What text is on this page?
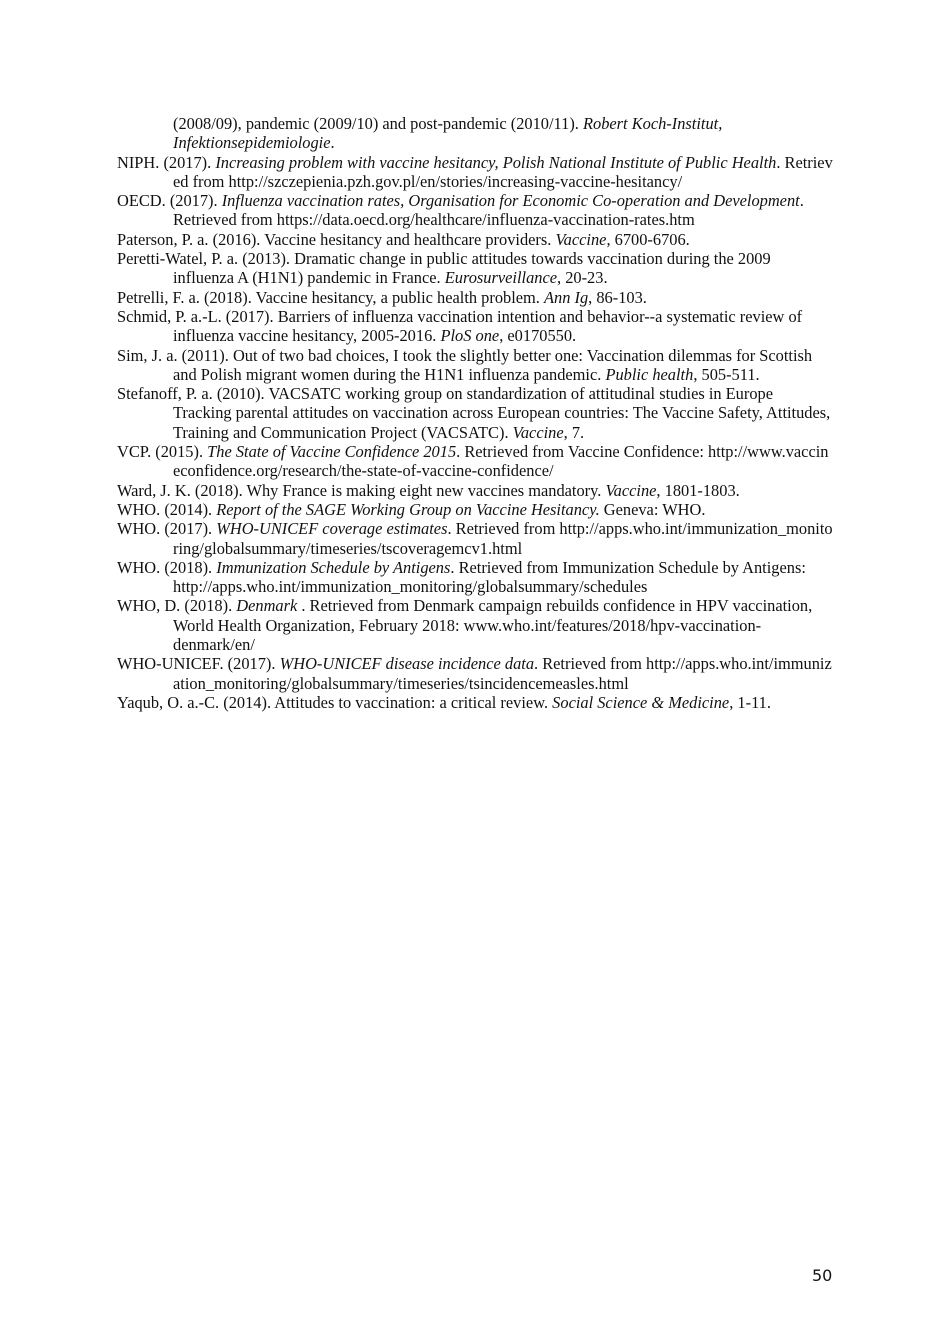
(2008/09), pandemic (2009/10) and post-pandemic (2010/11). Robert Koch-Institut, Infektionsepidemiologie.
NIPH. (2017). Increasing problem with vaccine hesitancy, Polish National Institute of Public Health. Retrieved from http://szczepienia.pzh.gov.pl/en/stories/increasing-vaccine-hesitancy/
OECD. (2017). Influenza vaccination rates, Organisation for Economic Co-operation and Development. Retrieved from https://data.oecd.org/healthcare/influenza-vaccination-rates.htm
Paterson, P. a. (2016). Vaccine hesitancy and healthcare providers. Vaccine, 6700-6706.
Peretti-Watel, P. a. (2013). Dramatic change in public attitudes towards vaccination during the 2009 influenza A (H1N1) pandemic in France. Eurosurveillance, 20-23.
Petrelli, F. a. (2018). Vaccine hesitancy, a public health problem. Ann Ig, 86-103.
Schmid, P. a.-L. (2017). Barriers of influenza vaccination intention and behavior--a systematic review of influenza vaccine hesitancy, 2005-2016. PloS one, e0170550.
Sim, J. a. (2011). Out of two bad choices, I took the slightly better one: Vaccination dilemmas for Scottish and Polish migrant women during the H1N1 influenza pandemic. Public health, 505-511.
Stefanoff, P. a. (2010). VACSATC working group on standardization of attitudinal studies in Europe Tracking parental attitudes on vaccination across European countries: The Vaccine Safety, Attitudes, Training and Communication Project (VACSATC). Vaccine, 7.
VCP. (2015). The State of Vaccine Confidence 2015. Retrieved from Vaccine Confidence: http://www.vaccineconfidence.org/research/the-state-of-vaccine-confidence/
Ward, J. K. (2018). Why France is making eight new vaccines mandatory. Vaccine, 1801-1803.
WHO. (2014). Report of the SAGE Working Group on Vaccine Hesitancy. Geneva: WHO.
WHO. (2017). WHO-UNICEF coverage estimates. Retrieved from http://apps.who.int/immunization_monitoring/globalsummary/timeseries/tscoveragemcv1.html
WHO. (2018). Immunization Schedule by Antigens. Retrieved from Immunization Schedule by Antigens: http://apps.who.int/immunization_monitoring/globalsummary/schedules
WHO, D. (2018). Denmark . Retrieved from Denmark campaign rebuilds confidence in HPV vaccination, World Health Organization, February 2018: www.who.int/features/2018/hpv-vaccination-denmark/en/
WHO-UNICEF. (2017). WHO-UNICEF disease incidence data. Retrieved from http://apps.who.int/immunization_monitoring/globalsummary/timeseries/tsincidencemeasles.html
Yaqub, O. a.-C. (2014). Attitudes to vaccination: a critical review. Social Science & Medicine, 1-11.
50
